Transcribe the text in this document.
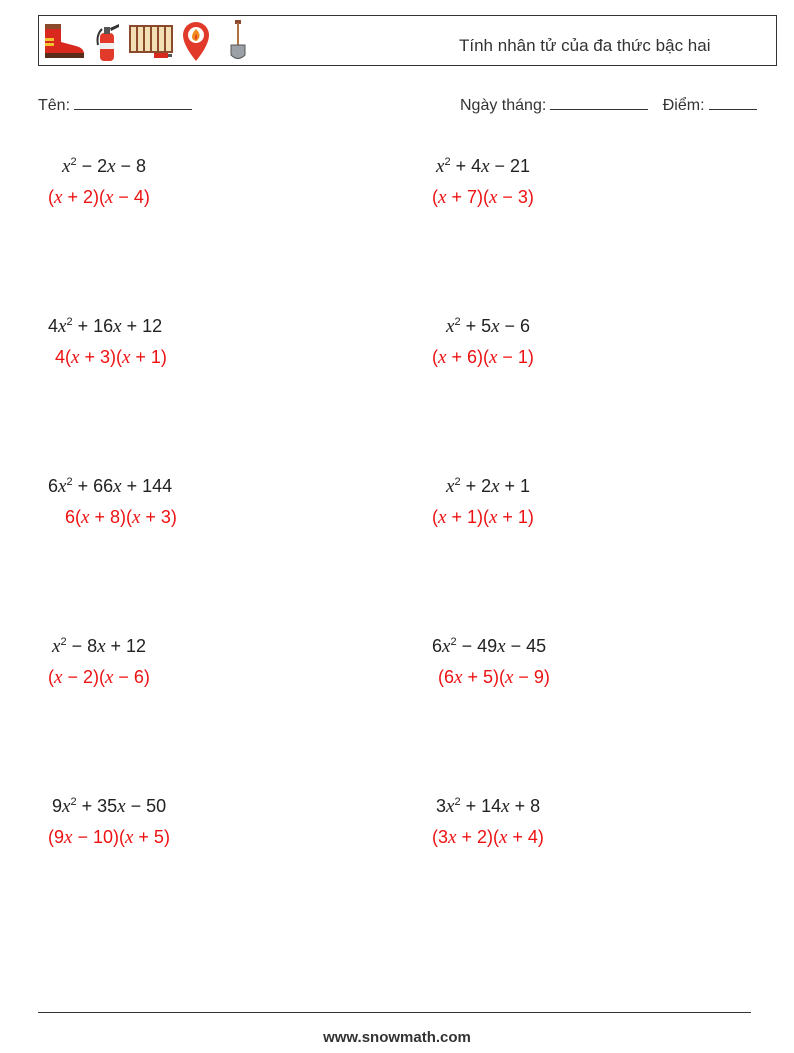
Tính nhân tử của đa thức bậc hai
Tên:	Ngày tháng:	Điểm:
$x^2 - 2x - 8$
(x + 2)(x − 4)
$x^2 + 4x - 21$
(x + 7)(x − 3)
$4x^2 + 16x + 12$
4(x + 3)(x + 1)
$x^2 + 5x - 6$
(x + 6)(x − 1)
$6x^2 + 66x + 144$
6(x + 8)(x + 3)
$x^2 + 2x + 1$
(x + 1)(x + 1)
$x^2 - 8x + 12$
(x − 2)(x − 6)
$6x^2 - 49x - 45$
(6x + 5)(x − 9)
$9x^2 + 35x - 50$
(9x − 10)(x + 5)
$3x^2 + 14x + 8$
(3x + 2)(x + 4)
www.snowmath.com
